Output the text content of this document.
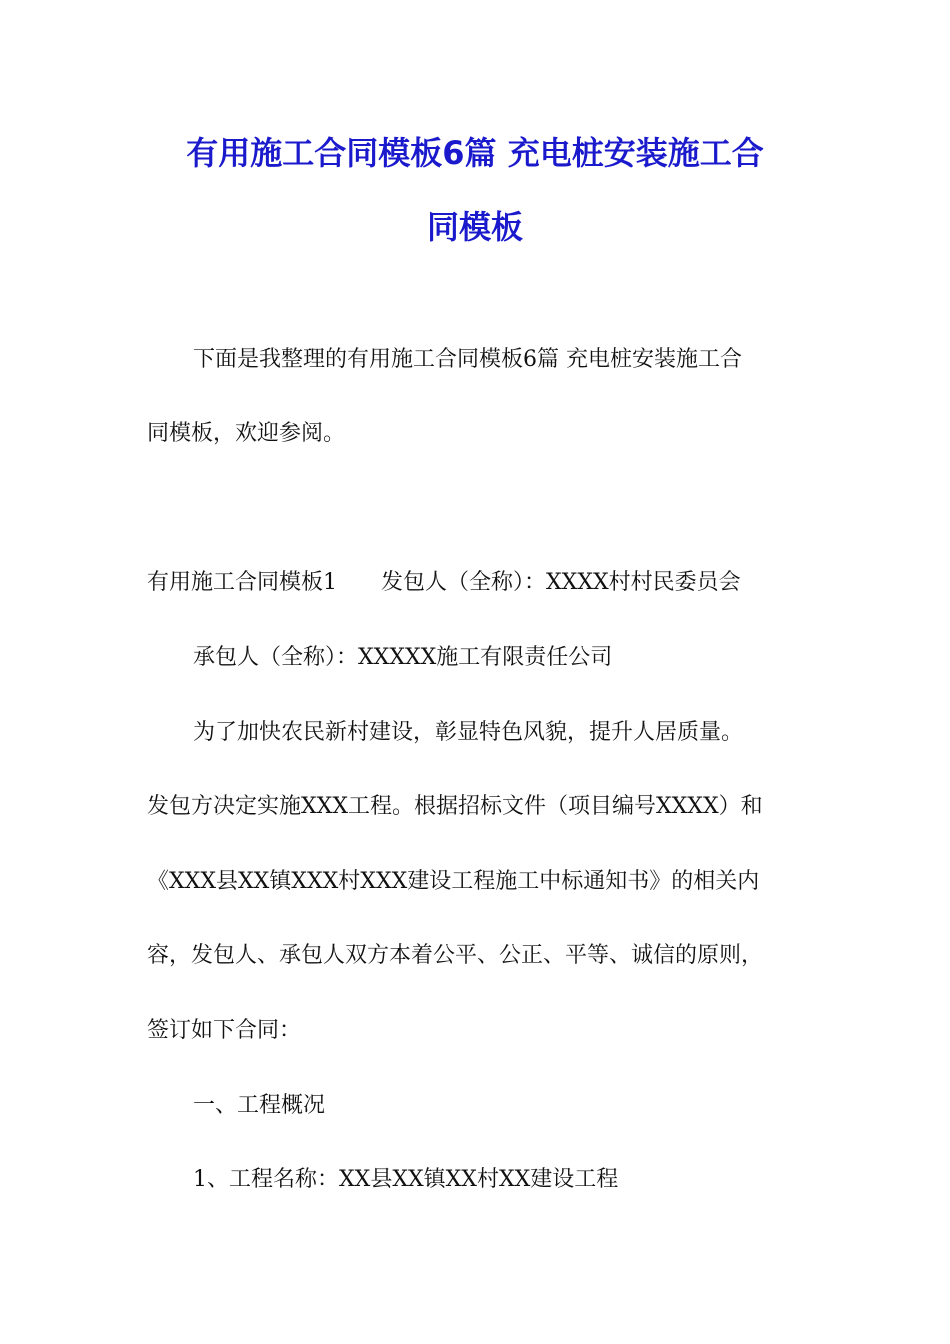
有用施工合同模板6篇 充电桩安装施工合
同模板
下面是我整理的有用施工合同模板6篇 充电桩安装施工合
同模板，欢迎参阅。
有用施工合同模板1　　发包人（全称）：XXXX村村民委员会
承包人（全称）：XXXXX施工有限责任公司
为了加快农民新村建设，彰显特色风貌，提升人居质量。
发包方决定实施XXX工程。根据招标文件（项目编号XXXX）和
《XXX县XX镇XXX村XXX建设工程施工中标通知书》的相关内
容，发包人、承包人双方本着公平、公正、平等、诚信的原则，
签订如下合同：
一、工程概况
1、工程名称：XX县XX镇XX村XX建设工程
